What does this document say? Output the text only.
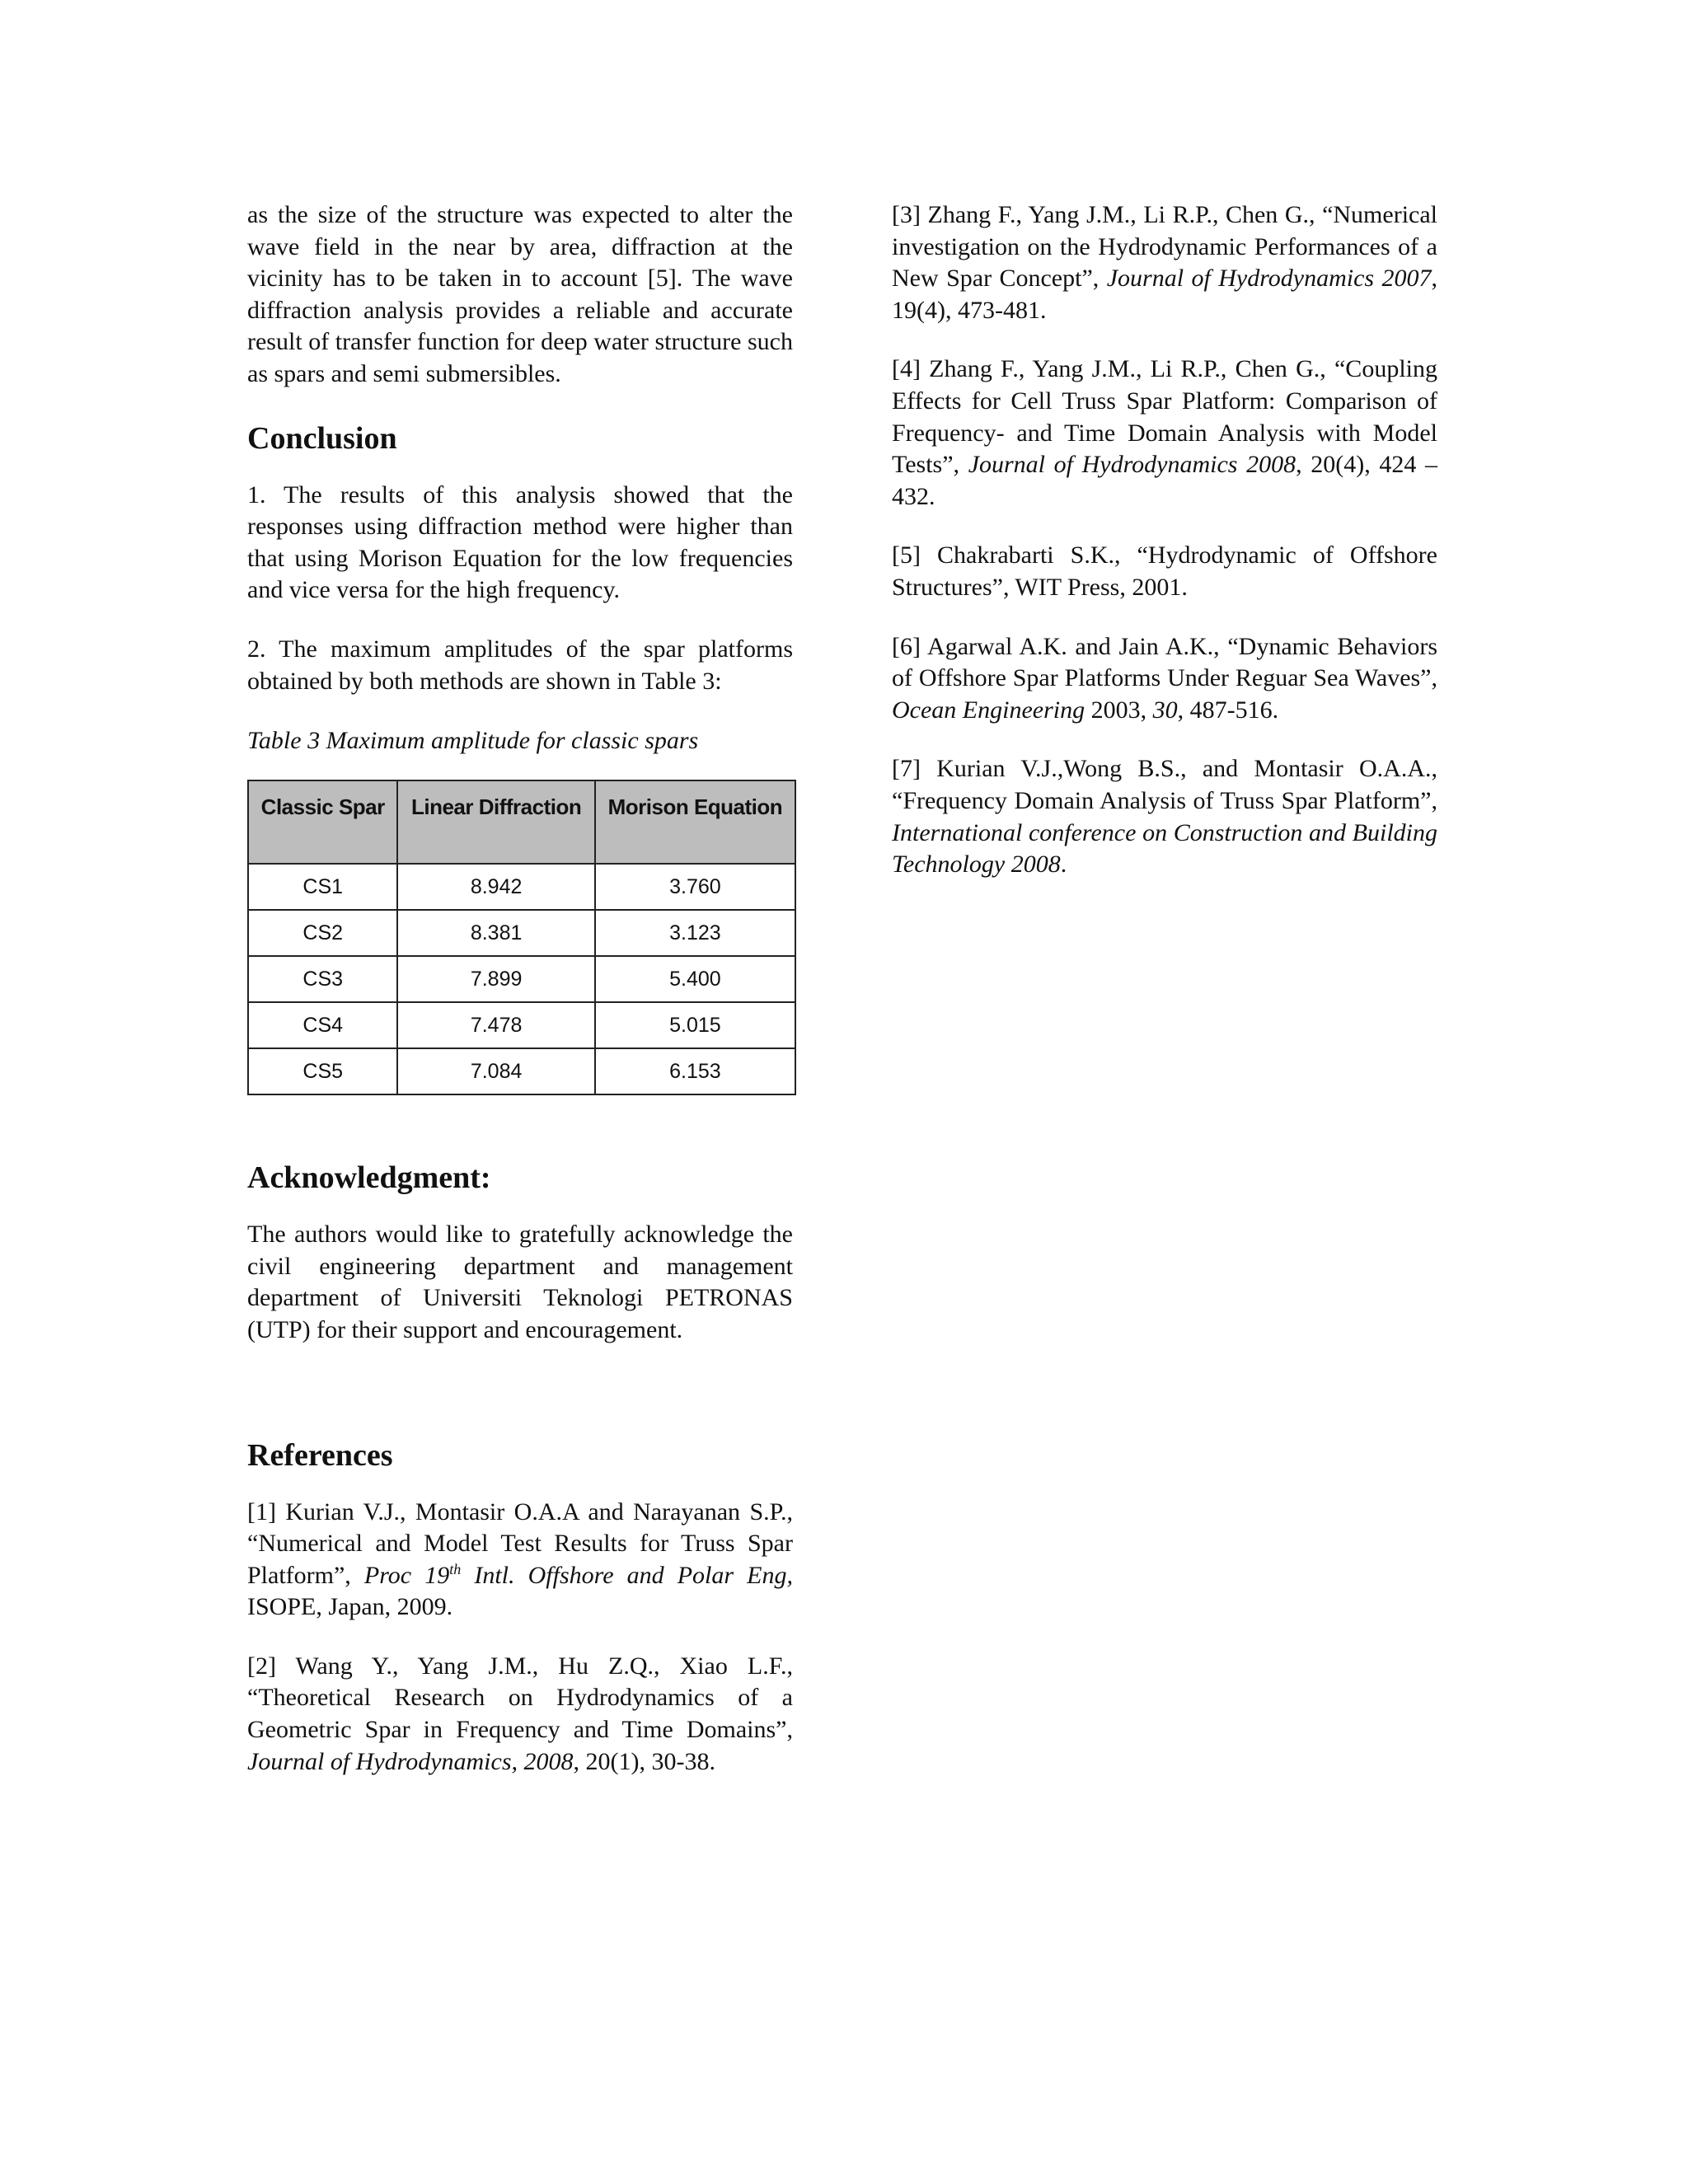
as the size of the structure was expected to alter the wave field in the near by area, diffraction at the vicinity has to be taken in to account [5]. The wave diffraction analysis provides a reliable and accurate result of transfer function for deep water structure such as spars and semi submersibles.

Conclusion

1. The results of this analysis showed that the responses using diffraction method were higher than that using Morison Equation for the low frequencies and vice versa for the high frequency.

2. The maximum amplitudes of the spar platforms obtained by both methods are shown in Table 3:

Table 3 Maximum amplitude for classic spars
Classic Spar	Linear Diffraction	Morison Equation
CS1	8.942	3.760
CS2	8.381	3.123
CS3	7.899	5.400
CS4	7.478	5.015
CS5	7.084	6.153
Acknowledgment:

The authors would like to gratefully acknowledge the civil engineering department and management department of Universiti Teknologi PETRONAS (UTP) for their support and encouragement.

References

[1] Kurian V.J., Montasir O.A.A and Narayanan S.P., “Numerical and Model Test Results for Truss Spar Platform”, Proc 19th Intl. Offshore and Polar Eng, ISOPE, Japan, 2009.

[2] Wang Y., Yang J.M., Hu Z.Q., Xiao L.F., “Theoretical Research on Hydrodynamics of a Geometric Spar in Frequency and Time Domains”, Journal of Hydrodynamics, 2008, 20(1), 30-38.

[3] Zhang F., Yang J.M., Li R.P., Chen G., “Numerical investigation on the Hydrodynamic Performances of a New Spar Concept”, Journal of Hydrodynamics 2007, 19(4), 473-481.

[4] Zhang F., Yang J.M., Li R.P., Chen G., “Coupling Effects for Cell Truss Spar Platform: Comparison of Frequency- and Time Domain Analysis with Model Tests”, Journal of Hydrodynamics 2008, 20(4), 424 – 432.

[5] Chakrabarti S.K., “Hydrodynamic of Offshore Structures”, WIT Press, 2001.

[6] Agarwal A.K. and Jain A.K., “Dynamic Behaviors of Offshore Spar Platforms Under Reguar Sea Waves”, Ocean Engineering 2003, 30, 487-516.

[7] Kurian V.J.,Wong B.S., and Montasir O.A.A., “Frequency Domain Analysis of Truss Spar Platform”, International conference on Construction and Building Technology 2008.
